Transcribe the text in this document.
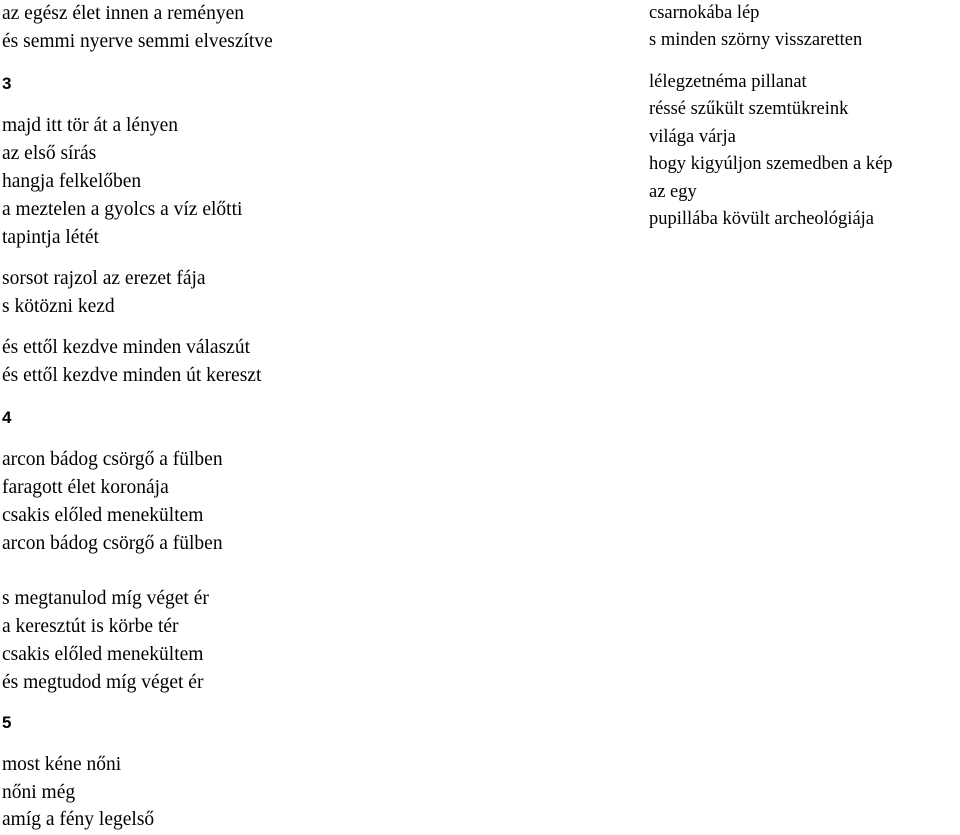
az egész élet innen a reményen
és semmi nyerve semmi elveszítve
3
majd itt tör át a lényen
az első sírás
hangja felkelőben
a meztelen a gyolcs a víz előtti
tapintja létét
sorsot rajzol az erezet fája
s kötözni kezd
és ettől kezdve minden válaszút
és ettől kezdve minden út kereszt
4
arcon bádog csörgő a fülben
faragott élet koronája
csakis előled menekültem
arcon bádog csörgő a fülben
s megtanulod míg véget ér
a keresztút is körbe tér
csakis előled menekültem
és megtudod míg véget ér
5
most kéne nőni
nőni még
amíg a fény legelső
csarnokába lép
s minden szörny visszaretten
lélegzetnéma pillanat
réssé szűkült szemtükreink
világa várja
hogy kigyúljon szemedben a kép
az egy
pupillába kövült archeológiája
